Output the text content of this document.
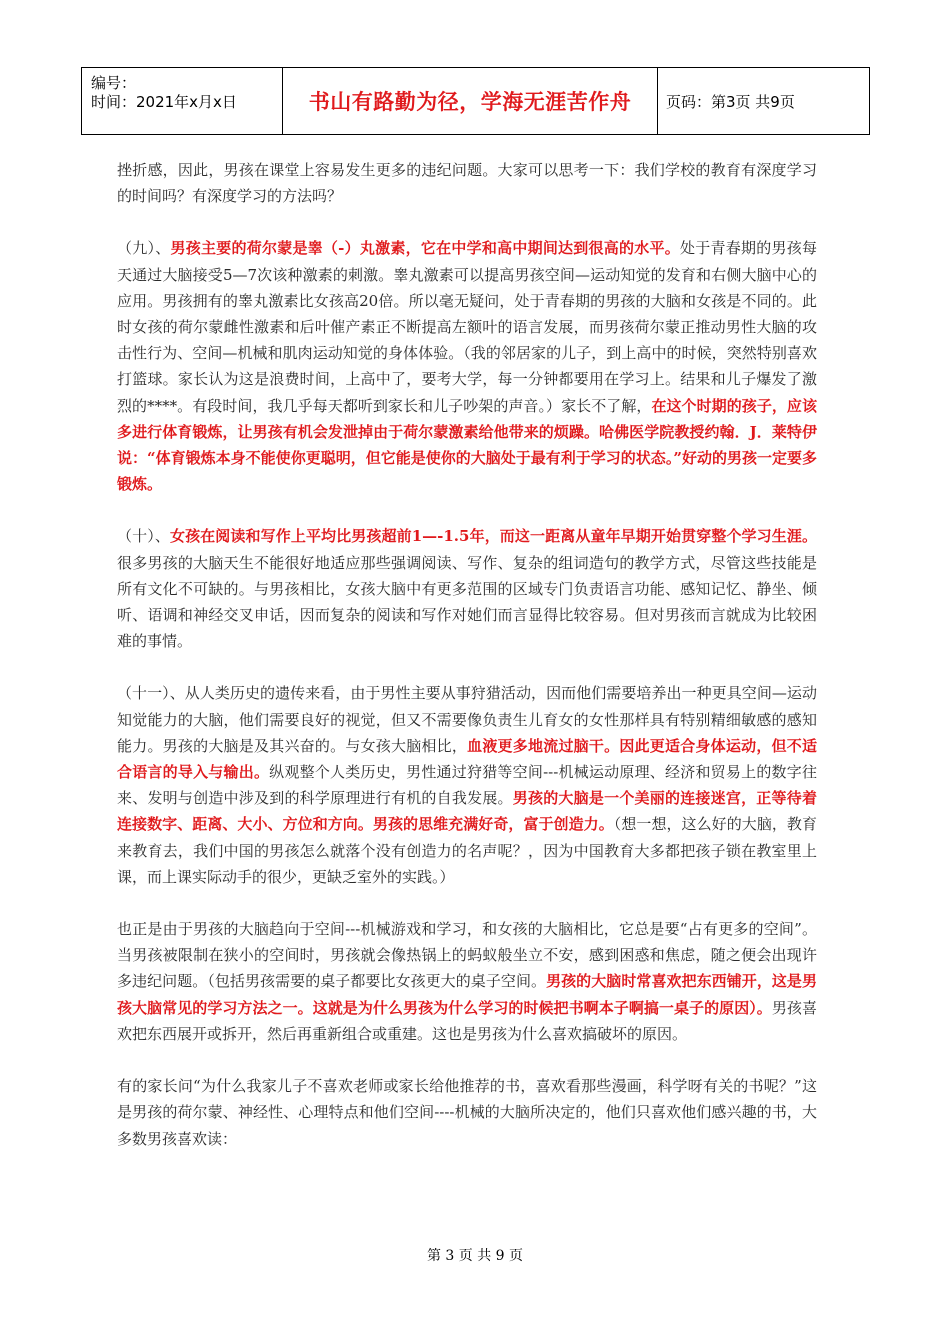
编号：
时间：2021年x月x日	书山有路勤为径，学海无涯苦作舟	页码：第3页 共9页

挫折感，因此，男孩在课堂上容易发生更多的违纪问题。大家可以思考一下：我们学校的教育有深度学习的时间吗？有深度学习的方法吗？

（九）、男孩主要的荷尔蒙是睾（-）丸激素，它在中学和高中期间达到很高的水平。处于青春期的男孩每天通过大脑接受5—7次该种激素的刺激。睾丸激素可以提高男孩空间—运动知觉的发育和右侧大脑中心的应用。男孩拥有的睾丸激素比女孩高20倍。所以毫无疑问，处于青春期的男孩的大脑和女孩是不同的。此时女孩的荷尔蒙雌性激素和后叶催产素正不断提高左额叶的语言发展，而男孩荷尔蒙正推动男性大脑的攻击性行为、空间—机械和肌肉运动知觉的身体体验。（我的邻居家的儿子，到上高中的时候，突然特别喜欢打篮球。家长认为这是浪费时间，上高中了，要考大学，每一分钟都要用在学习上。结果和儿子爆发了激烈的****。有段时间，我几乎每天都听到家长和儿子吵架的声音。）家长不了解，在这个时期的孩子，应该多进行体育锻炼，让男孩有机会发泄掉由于荷尔蒙激素给他带来的烦躁。哈佛医学院教授约翰．J．莱特伊说：“体育锻炼本身不能使你更聪明，但它能是使你的大脑处于最有利于学习的状态。”好动的男孩一定要多锻炼。

（十）、女孩在阅读和写作上平均比男孩超前1—-1.5年，而这一距离从童年早期开始贯穿整个学习生涯。很多男孩的大脑天生不能很好地适应那些强调阅读、写作、复杂的组词造句的教学方式，尽管这些技能是所有文化不可缺的。与男孩相比，女孩大脑中有更多范围的区域专门负责语言功能、感知记忆、静坐、倾听、语调和神经交叉申话，因而复杂的阅读和写作对她们而言显得比较容易。但对男孩而言就成为比较困难的事情。

（十一）、从人类历史的遗传来看，由于男性主要从事狩猎活动，因而他们需要培养出一种更具空间—运动知觉能力的大脑，他们需要良好的视觉，但又不需要像负责生儿育女的女性那样具有特别精细敏感的感知能力。男孩的大脑是及其兴奋的。与女孩大脑相比，血液更多地流过脑干。因此更适合身体运动，但不适合语言的导入与输出。纵观整个人类历史，男性通过狩猎等空间---机械运动原理、经济和贸易上的数字往来、发明与创造中涉及到的科学原理进行有机的自我发展。男孩的大脑是一个美丽的连接迷宫，正等待着连接数字、距离、大小、方位和方向。男孩的思维充满好奇，富于创造力。（想一想，这么好的大脑，教育来教育去，我们中国的男孩怎么就落个没有创造力的名声呢？，因为中国教育大多都把孩子锁在教室里上课，而上课实际动手的很少，更缺乏室外的实践。）

也正是由于男孩的大脑趋向于空间---机械游戏和学习，和女孩的大脑相比，它总是要“占有更多的空间”。当男孩被限制在狭小的空间时，男孩就会像热锅上的蚂蚁般坐立不安，感到困惑和焦虑，随之便会出现许多违纪问题。（包括男孩需要的桌子都要比女孩更大的桌子空间。男孩的大脑时常喜欢把东西铺开，这是男孩大脑常见的学习方法之一。这就是为什么男孩为什么学习的时候把书啊本子啊搞一桌子的原因）。男孩喜欢把东西展开或拆开，然后再重新组合或重建。这也是男孩为什么喜欢搞破坏的原因。

有的家长问“为什么我家儿子不喜欢老师或家长给他推荐的书，喜欢看那些漫画，科学呀有关的书呢？”这是男孩的荷尔蒙、神经性、心理特点和他们空间----机械的大脑所决定的，他们只喜欢他们感兴趣的书，大多数男孩喜欢读：

第 3 页 共 9 页
